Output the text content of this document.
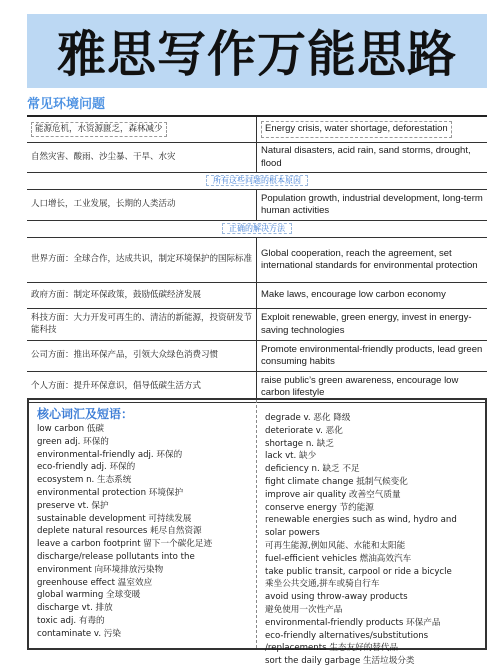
雅思写作万能思路
常见环境问题
能源危机，水资源匮乏，森林减少	Energy crisis, water shortage, deforestation
自然灾害、酸雨、沙尘暴、干旱、水灾
Natural disasters, acid rain, sand storms, drought, flood
所有这些问题的根本原因
人口增长，工业发展，长期的人类活动
Population growth, industrial development, long-term human activities
正确的解决方法
世界方面：全球合作，达成共识，制定环境保护的国际标准
Global cooperation, reach the agreement, set international standards for environmental protection
政府方面：制定环保政策，鼓励低碳经济发展	Make laws, encourage low carbon economy
科技方面：大力开发可再生的、清洁的新能源，投资研发节能科技
Exploit renewable, green energy, invest in energy-saving technologies
公司方面：推出环保产品，引领大众绿色消费习惯
Promote environmental-friendly products, lead green consuming habits
个人方面：提升环保意识，倡导低碳生活方式
raise public’s green awareness, encourage low carbon lifestyle
核心词汇及短语：
low carbon 低碳
green adj. 环保的
environmental-friendly adj. 环保的
eco-friendly adj. 环保的
ecosystem n. 生态系统
environmental protection 环境保护
preserve vt. 保护
sustainable development 可持续发展
deplete natural resources 耗尽自然资源
leave a carbon footprint 留下一个碳化足迹
discharge/release pollutants into the
environment 向环境排放污染物
greenhouse effect 温室效应
global warming 全球变暖
discharge vt. 排放
toxic adj. 有毒的
contaminate v. 污染
degrade v. 恶化 降级
deteriorate v. 恶化
shortage n. 缺乏
lack vt. 缺少
deficiency n. 缺乏 不足
fight climate change 抵制气候变化
improve air quality 改善空气质量
conserve energy 节约能源
renewable energies such as wind, hydro and solar powers
可再生能源,例如风能、水能和太阳能
fuel-efficient vehicles 燃油高效汽车
take public transit, carpool or ride a bicycle
乘坐公共交通,拼车或骑自行车
avoid using throw-away products
避免使用一次性产品
environmental-friendly products 环保产品
eco-friendly alternatives/substitutions
/replacements 生态友好的替代品
sort the daily garbage 生活垃圾分类
